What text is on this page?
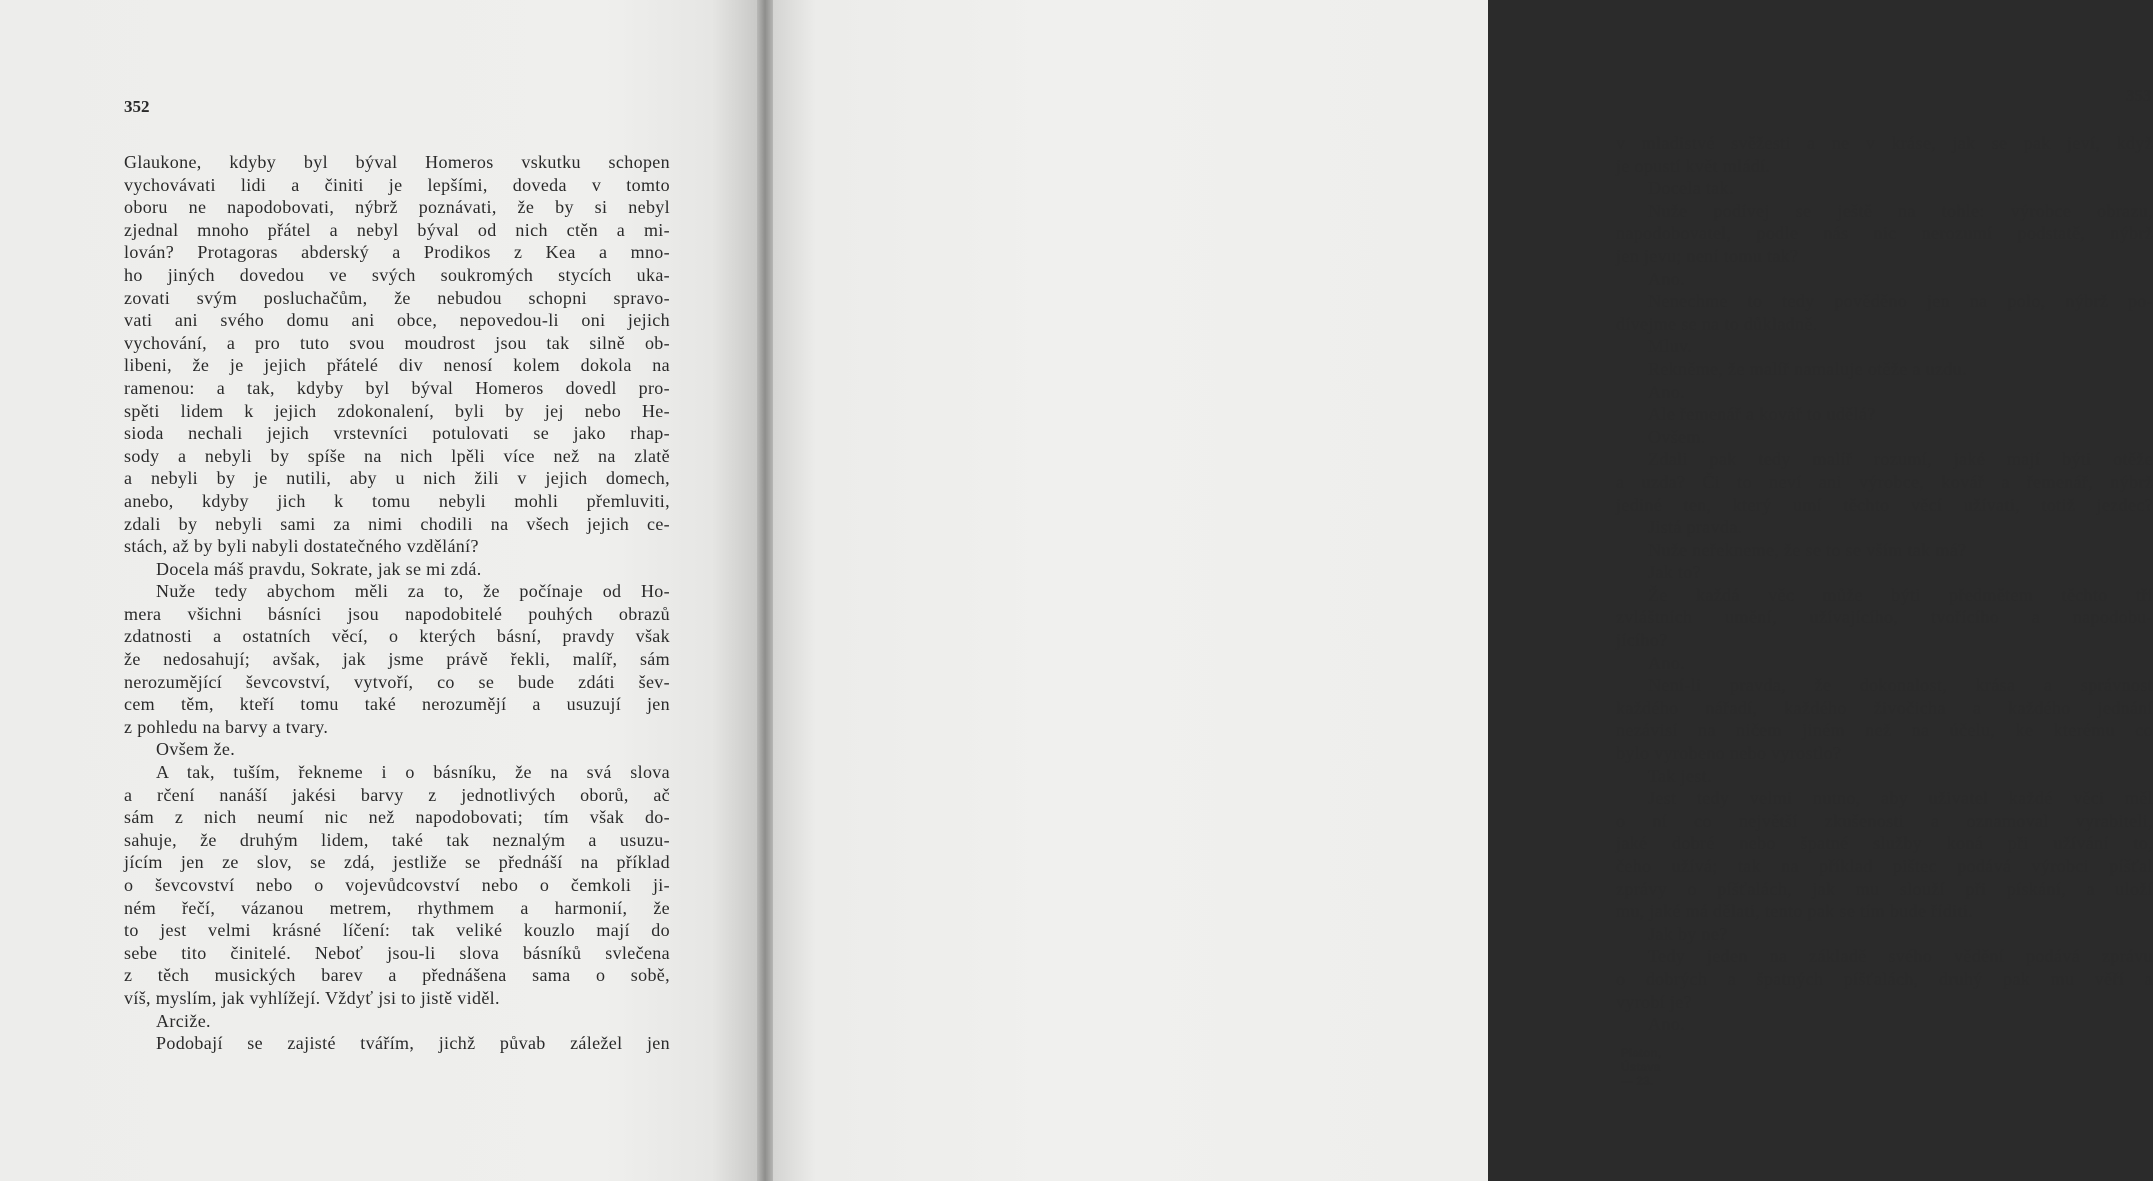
352
Glaukone, kdyby byl býval Homeros vskutku schopen
vychovávati lidi a činiti je lepšími, doveda v tomto
oboru ne napodobovati, nýbrž poznávati, že by si nebyl
zjednal mnoho přátel a nebyl býval od nich ctěn a mi-
lován? Protagoras abderský a Prodikos z Kea a mno-
ho jiných dovedou ve svých soukromých stycích uka-
zovati svým posluchačům, že nebudou schopni spravo-
vati ani svého domu ani obce, nepovedou-li oni jejich
vychování, a pro tuto svou moudrost jsou tak silně ob-
libeni, že je jejich přátelé div nenosí kolem dokola na
ramenou: a tak, kdyby byl býval Homeros dovedl pro-
spěti lidem k jejich zdokonalení, byli by jej nebo He-
sioda nechali jejich vrstevníci potulovati se jako rhap-
sody a nebyli by spíše na nich lpěli více než na zlatě
a nebyli by je nutili, aby u nich žili v jejich domech,
anebo, kdyby jich k tomu nebyli mohli přemluviti,
zdali by nebyli sami za nimi chodili na všech jejich ce-
stách, až by byli nabyli dostatečného vzdělání?
Docela máš pravdu, Sokrate, jak se mi zdá.
Nuže tedy abychom měli za to, že počínaje od Ho-
mera všichni básníci jsou napodobitelé pouhých obrazů
zdatnosti a ostatních věcí, o kterých básní, pravdy však
že nedosahují; avšak, jak jsme právě řekli, malíř, sám
nerozumějící ševcovství, vytvoří, co se bude zdáti šev-
cem těm, kteří tomu také nerozumějí a usuzují jen
z pohledu na barvy a tvary.
Ovšem že.
A tak, tuším, řekneme i o básníku, že na svá slova
a rčení nanáší jakési barvy z jednotlivých oborů, ač
sám z nich neumí nic než napodobovati; tím však do-
sahuje, že druhým lidem, také tak neznalým a usuzu-
jícím jen ze slov, se zdá, jestliže se přednáší na příklad
o ševcovství nebo o vojevůdcovství nebo o čemkoli ji-
ném řečí, vázanou metrem, rhythmem a harmonií, že
to jest velmi krásné líčení: tak veliké kouzlo mají do
sebe tito činitelé. Neboť jsou-li slova básníků svlečena
z těch musických barev a přednášena sama o sobě,
víš, myslím, jak vyhlížejí. Vždyť jsi to jistě viděl.
Arciže.
Podobají se zajisté tvářím, jichž půvab záležel jen
353
v mladistvé svěžesti a ne v kráse, jak se pak jeví, když
je opustí květ mládí.
Docela tak.
Nuže podívej se ještě na tohle: výrobce obrazu,
napodobovatel, podle nás nic nerozumí podstatě, nýbrž
jen jevu; není tomu tak?
Ano.
Nenechme to tedy pověděno jen na polo, nýbrž po-
dívejme se na to důkladně.
Mluv.
Rekněme, že malíř namaluje otěže a uzdu.
Ano.
Ale řemenář a kovář to udělá?
Ovšem.
Zdali pak tedy malíř rozumí, jaké mají býti otěže
a uzda? Či to neví ani výrobce, kovář a řemenář, nýbrž
jediné ten, který umí těchto věcí užívati, totiž jezdec?
Jistá pravda.
Nuže neřekneme, že se to se vším tak má?
Jak to?
Že každá věc může býti předmětem těchto tří
zvláštních umění, užívajícího, tvořícího a napodobu-
jícího?
Ano.
Není-li pravda, že dokonalost, krása a správnost
každého nářadí, každého živočicha a každého jednání
nezávisí na ničem jiném než na účelu, ke kterému co
bylo vyrobeno nebo vyrostlo?
Tak jest.
Jest tedy velmi nutno, aby uživatel každé věci měl
o ní co největší zkušenosti a oznamoval vyrabiteli,
jaké dobré nebo špatné služby koná při užívání to,
čeho užívá; tak na příklad pištec podává výrobci píšťal
zprávy o píšťalách, jak mu slouží při pískání, a uloží
mu, jaké má dělati, tento pak se tím bude říditi.
Jak by ne?
Tedy jeden na základě svého vědění podává zprávu
o dobrých a špatných píšťalách, druhý pak mu věří a
vyrobí je?
Ano.
Platon, Ústava — 23.
